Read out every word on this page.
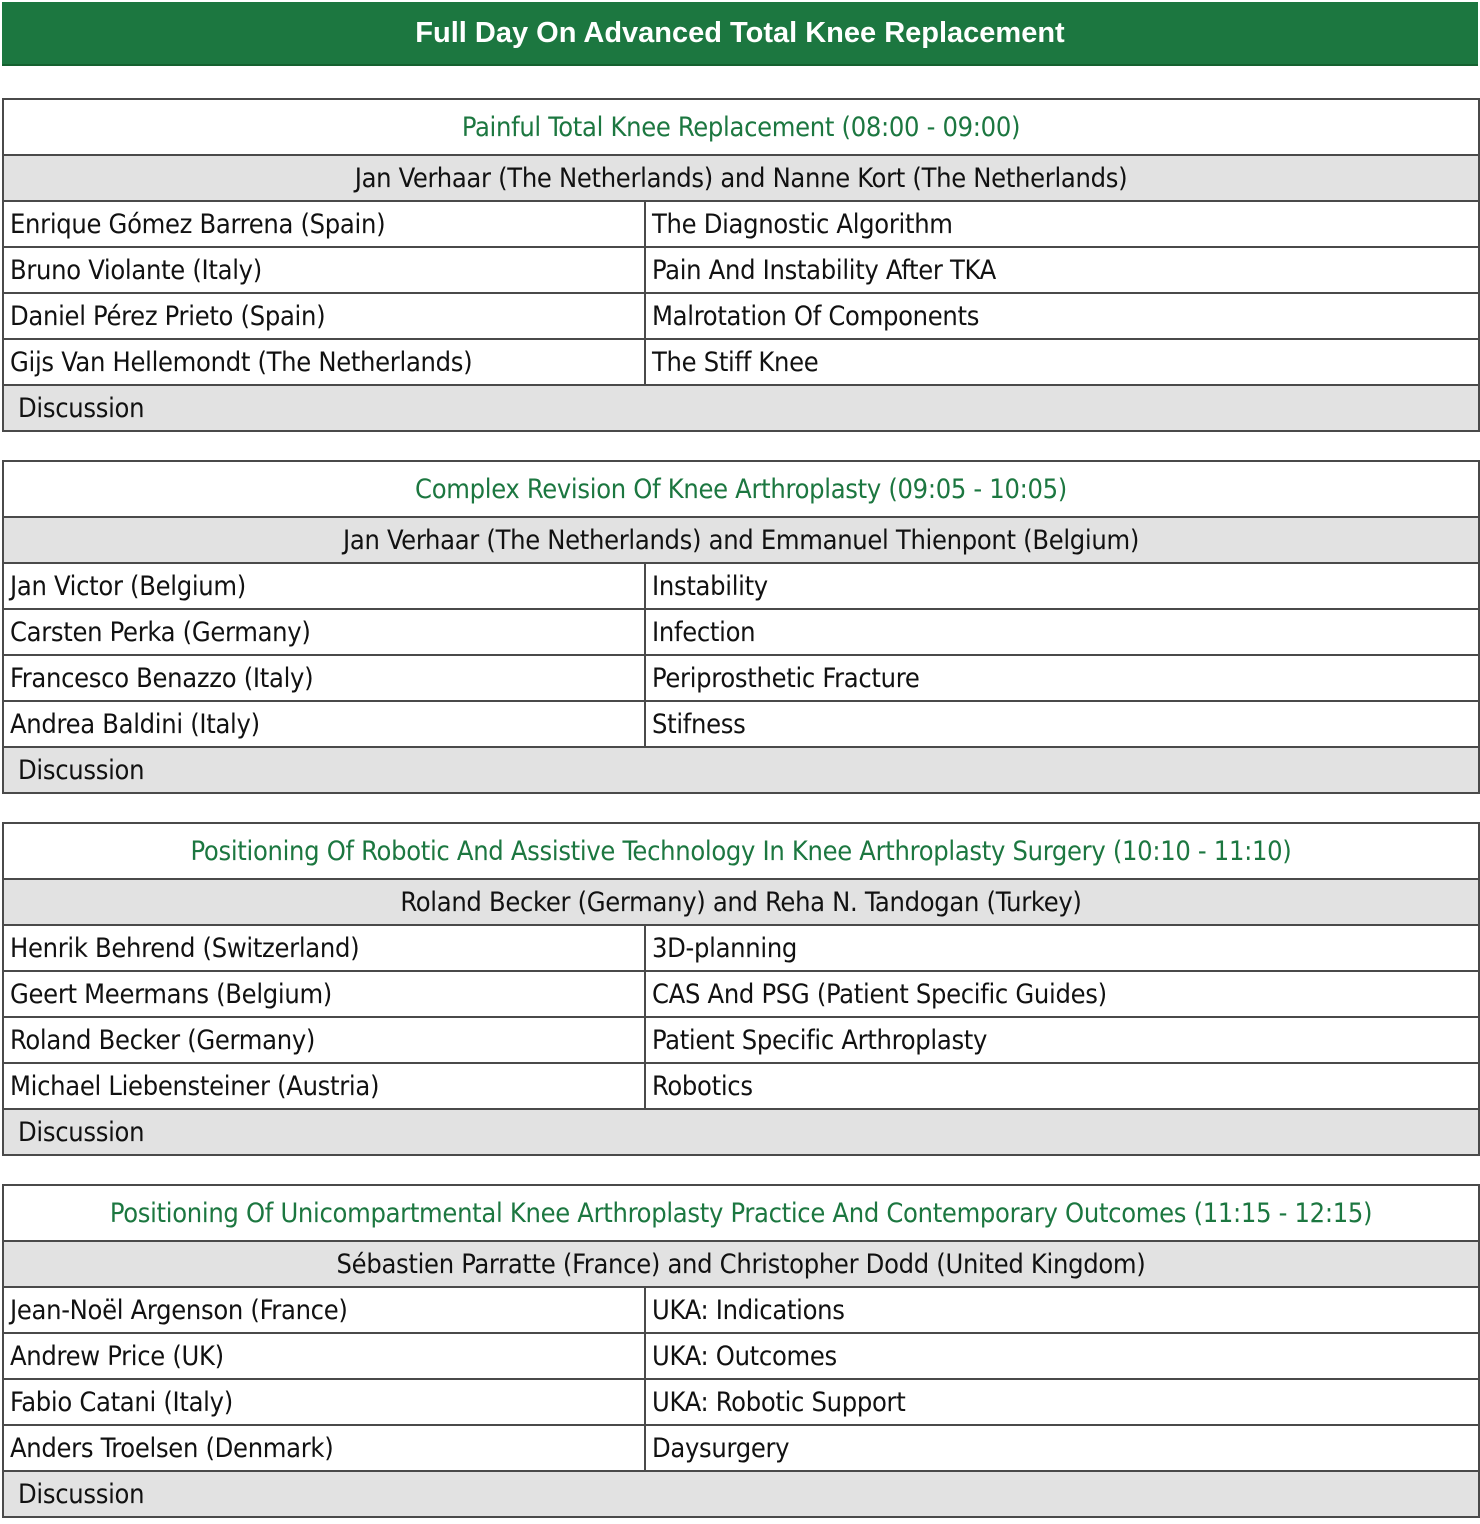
Full Day On Advanced Total Knee Replacement
Painful Total Knee Replacement (08:00 - 09:00)	
Jan Verhaar (The Netherlands) and Nanne Kort (The Netherlands)	
Enrique Gómez Barrena (Spain)	The Diagnostic Algorithm
Bruno Violante (Italy)	Pain And Instability After TKA
Daniel Pérez Prieto (Spain)	Malrotation Of Components
Gijs Van Hellemondt (The Netherlands)	The Stiff Knee
Discussion	
Complex Revision Of Knee Arthroplasty (09:05 - 10:05)	
Jan Verhaar (The Netherlands) and Emmanuel Thienpont (Belgium)	
Jan Victor (Belgium)	Instability
Carsten Perka (Germany)	Infection
Francesco Benazzo (Italy)	Periprosthetic Fracture
Andrea Baldini (Italy)	Stifness
Discussion	
Positioning Of Robotic And Assistive Technology In Knee Arthroplasty Surgery (10:10 - 11:10)	
Roland Becker (Germany) and Reha N. Tandogan (Turkey)	
Henrik Behrend (Switzerland)	3D-planning
Geert Meermans (Belgium)	CAS And PSG (Patient Specific Guides)
Roland Becker (Germany)	Patient Specific Arthroplasty
Michael Liebensteiner (Austria)	Robotics
Discussion	
Positioning Of Unicompartmental Knee Arthroplasty Practice And Contemporary Outcomes (11:15 - 12:15)	
Sébastien Parratte (France) and Christopher Dodd (United Kingdom)	
Jean-Noël Argenson (France)	UKA: Indications
Andrew Price (UK)	UKA: Outcomes
Fabio Catani (Italy)	UKA: Robotic Support
Anders Troelsen (Denmark)	Daysurgery
Discussion	
